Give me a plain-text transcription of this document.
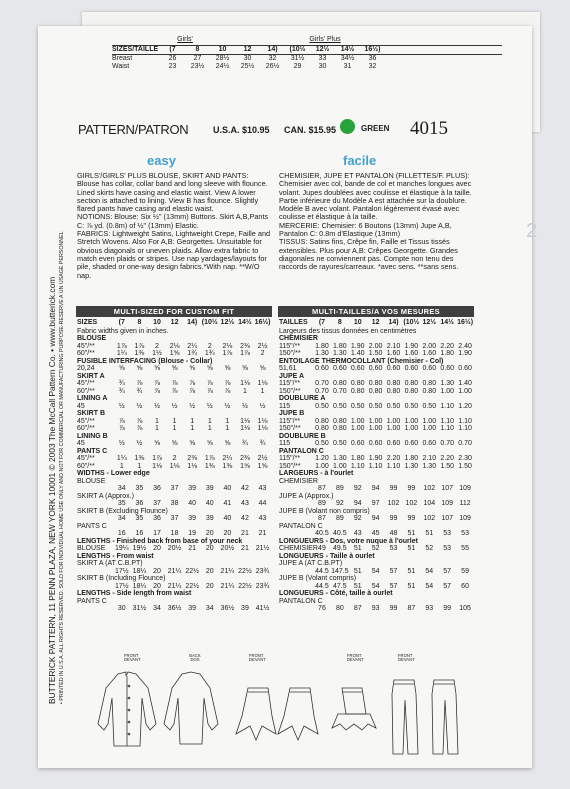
Girls'	Girls' Plus
SIZES/TAILLE	(7	8	10	12	14)	(10½	12½	14½	16½)
Breast	26	27	28½	30	32	31½	33	34½	36
Waist	23	23½	24½	25½	26½	29	30	31	32
BUTTERICK PATTERN, 11 PENN PLAZA, NEW YORK 10001 © 2003 The McCall Pattern Co. • www.butterick.com • PRINTED IN U.S.A. ALL RIGHTS RESERVED. SOLD FOR INDIVIDUAL HOME USE ONLY AND NOT FOR COMMERCIAL OR MANUFACTURING PURPOSE-RESERVE A UN USAGE PERSONNEL
PATTERN/PATRON	U.S.A. $10.95 CAN. $15.95	GREEN 4015
easy	facile

GIRLS'/GIRLS' PLUS BLOUSE, SKIRT AND PANTS: Blouse has collar, collar band and long sleeve with flounce. Lined skirts have casing and elastic waist. View A lower section is attached to lining. View B has flounce. Slightly flared pants have casing and elastic waist.

NOTIONS: Blouse: Six ½" (13mm) Buttons. Skirt A,B,Pants C: ⅞ yd. (0.8m) of ½" (13mm) Elastic.

FABRICS: Lightweight Satins, Lightweight Crepe, Faille and Stretch Wovens. Also For A,B: Georgettes. Unsuitable for obvious diagonals or uneven plaids. Allow extra fabric to match even plaids or stripes. Use nap yardages/layouts for pile, shaded or one-way design fabrics.*With nap. **W/O nap.

CHEMISIER, JUPE ET PANTALON (FILLETTES/F. PLUS): Chemisier avec col, bande de col et manches longues avec volant. Jupes doublées avec coulisse et élastique à la taille. Partie inférieure du Modèle A est attachée sur la doublure. Modèle B avec volant. Pantalon légèrement évasé avec coulisse et élastique à la taille.

MERCERIE: Chemisier: 6 Boutons (13mm) Jupe A,B, Pantalon C: 0.8m d'Elastique (13mm)

TISSUS: Satins fins, Crêpe fin, Faille et Tissus tissés extensibles. Plus pour A,B: Crêpes Georgette. Grandes diagonales ne conviennent pas. Compte non tenu des raccords de rayures/carreaux. *avec sens. **sans sens.

MULTI-SIZED FOR CUSTOM FIT	MULTI-TAILLES/A VOS MESURES
SIZES	(7	8	10	12	14) (10½ 12½ 14½ 16½)
Fabric widths given in inches.
BLOUSE
45"/**	1⅞	1⅞	2	2⅛	2¼	2	2⅛	2⅜	2½
60"/**	1¼	1⅜	1½	1⅝	1¾	1¾	1⅞	1⅞	2
FUSIBLE INTERFACING (Blouse - Collar)
20,24	⅝	⅝	⅝	⅝	⅝	⅝	⅝	⅝	⅝
SKIRT A
45"/**	¾	⅞	⅞	⅞	⅞	⅞	⅞	1⅛	1⅛
60"/**	¾	¾	⅞	⅞	⅞	⅞	⅞	1	1
LINING A
45	½	½	½	½	½	½	½	½	½
SKIRT B
45"/**	⅞	⅞	1	1	1	1	1	1⅛	1⅛
60"/**	⅞	⅞	1	1	1	1	1	1⅛	1⅛
LINING B
45	½	½	⅝	⅝	⅝	⅝	⅝	¾	¾
PANTS C
45"/**	1¼	1⅜	1⅞	2	2⅜	1⅞	2¼	2⅜	2½
60"/**	1	1	1⅛	1⅛	1⅛	1⅜	1⅜	1⅝	1⅝
WIDTHS - Lower edge
BLOUSE
34	35	36	37	39	39	40	42	43
SKIRT A (Approx.)
35	36	37	38	40	40	41	43	44
SKIRT B (Excluding Flounce)
34	35	36	37	39	39	40	42	43
PANTS C
16	16	17	18	19	20	20	21	21
LENGTHS - Finished back from base of your neck
BLOUSE	19¼ 19½ 20 20½ 21	20 20½ 21 21½
LENGTHS - From waist
SKIRT A (AT C.B.PT)
17½ 18¼ 20 21¼ 22½ 20 21¼ 22½ 23¾
SKIRT B (Including Flounce)
17½ 18¼ 20 21¼ 22½ 20 21¼ 22½ 23¾
LENGTHS - Side length from waist
PANTS C
30 31½ 34 36½ 39	34 36½ 39 41½
TAILLES	(7	8	10	12	14) (10½ 12½ 14½ 16½)
Largeurs des tissus données en centimètres
CHEMISIER
115"/**	1.80 1.80 1.90 2.00 2.10 1.90 2.00 2.20 2.40
150"/**	1.30 1.30 1.40 1.50 1.60 1.60 1.60 1.80 1.90
ENTOILAGE THERMOCOLLANT (Chemisier - Col)
51,61	0.60 0.60 0.60 0.60 0.60 0.60 0.60 0.60 0.60
JUPE A
115"/**	0.70 0.80 0.80 0.80 0.80 0.80 0.80 1.30 1.40
150"/**	0.70 0.70 0.80 0.80 0.80 0.80 0.80 1.00 1.00
DOUBLURE A
115	0.50 0.50 0.50 0.50 0.50 0.50 0.50 1.10 1.20
JUPE B
115"/**	0.80 0.80 1.00 1.00 1.00 1.00 1.00 1.10 1.10
150"/**	0.80 0.80 1.00 1.00 1.00 1.00 1.00 1.10 1.10
DOUBLURE B
115	0.50 0.50 0.60 0.60 0.60 0.60 0.60 0.70 0.70
PANTALON C
115"/**	1.20 1.30 1.80 1.90 2.20 1.80 2.10 2.20 2.30
150"/**	1.00 1.00 1.10 1.10 1.10 1.30 1.30 1.50 1.50
LARGEURS - à l'ourlet
CHEMISIER
87	89	92	94	99	99	102 107 109
JUPE A (Approx.)
89	92	94	97	102 102 104 109 112
JUPE B (Volant non compris)
87	89	92	94	99	99	102 107 109
PANTALON C
40.5 40.5	43	45	48	51	51	53	53
LONGUEURS - Dos, votre nuque à l'ourlet
CHEMISIER 49	49.5	51	52	53	51	52	53	55
LONGUEURS - Taille à ourlet
JUPE A (AT C.B.PT)
44.5 147.5 51	54	57	51	54	57	59
JUPE B (Volant compris)
44.5 47.5	51	54	57	51	54	57	60
LONGUEURS - Côté, taille à ourlet
PANTALON C
76	80	87	93	99	87	93	99	105
2
FRONT DEVANT
BACK DOS
FRONT DEVANT
FRONT DEVANT
FRONT DEVANT
